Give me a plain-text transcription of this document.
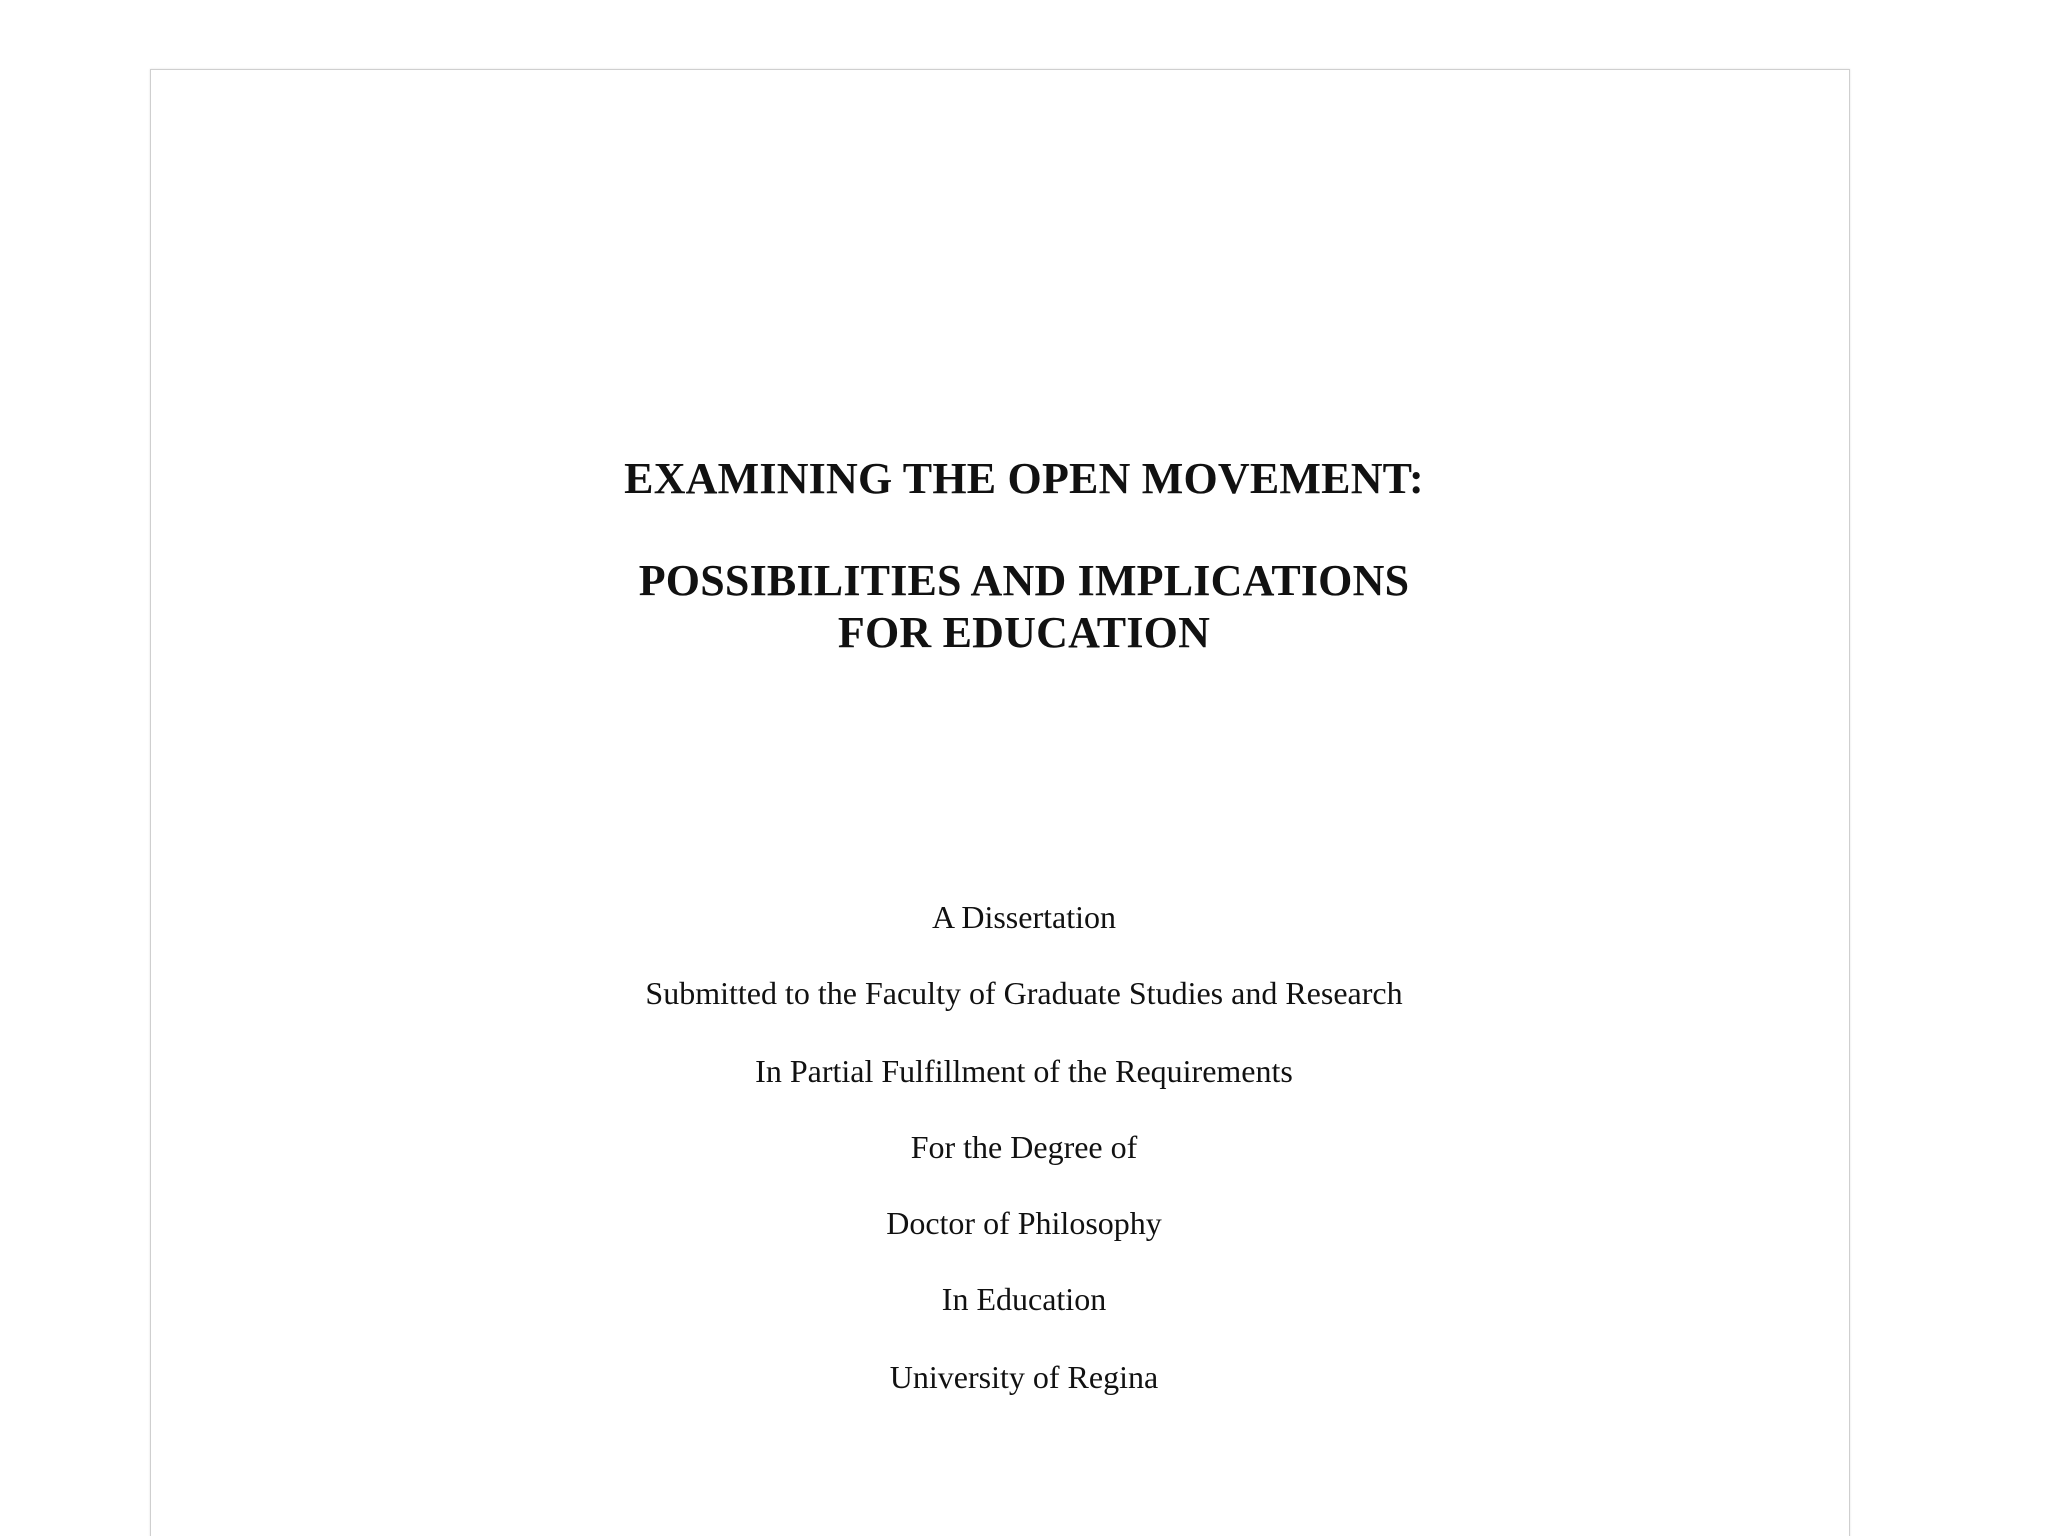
EXAMINING THE OPEN MOVEMENT:
POSSIBILITIES AND IMPLICATIONS
FOR EDUCATION
A Dissertation
Submitted to the Faculty of Graduate Studies and Research
In Partial Fulfillment of the Requirements
For the Degree of
Doctor of Philosophy
In Education
University of Regina
